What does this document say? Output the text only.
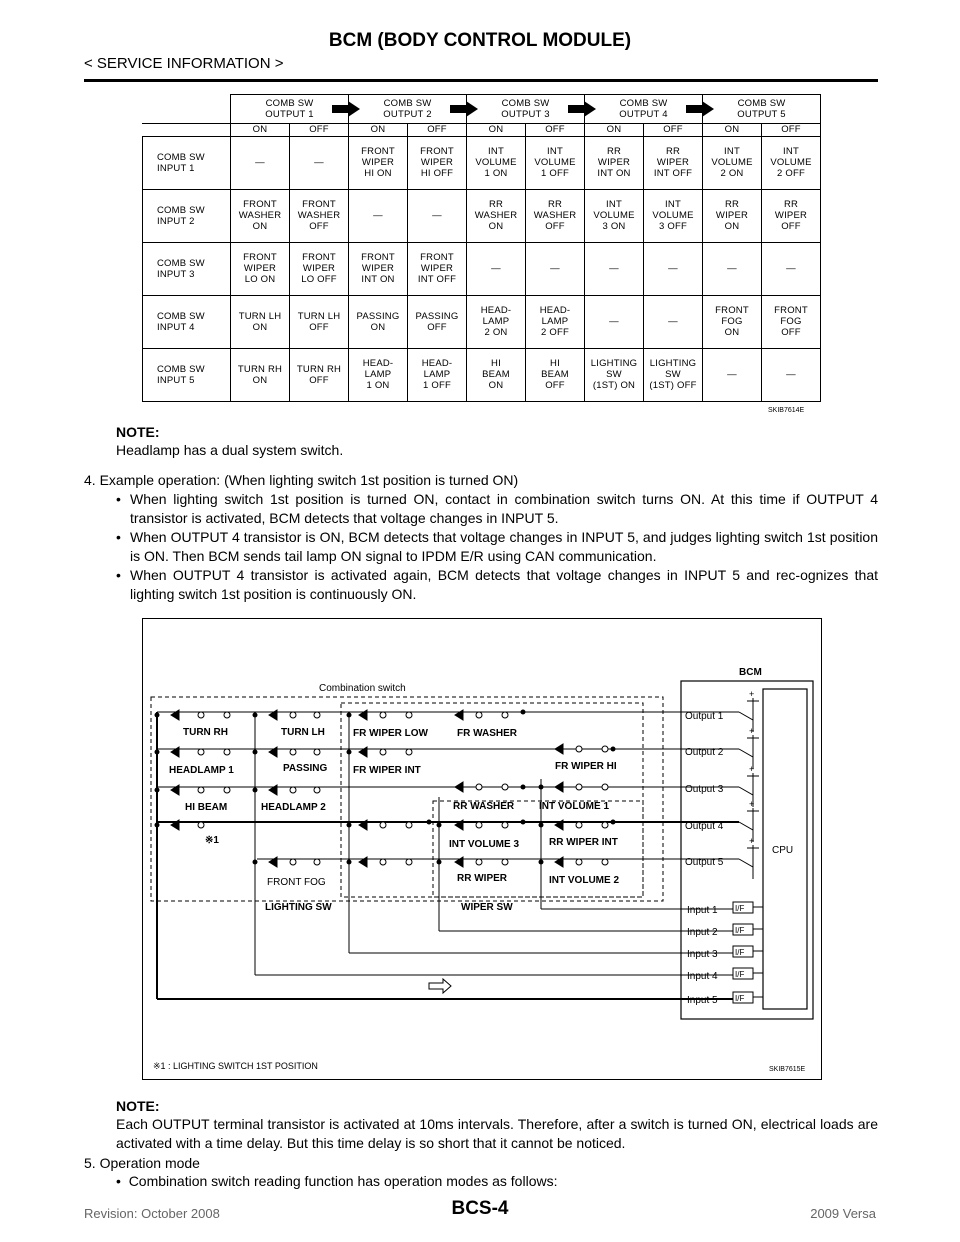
BCM (BODY CONTROL MODULE)
< SERVICE INFORMATION >
	COMB SW
OUTPUT 1		COMB SW
OUTPUT 2		COMB SW
OUTPUT 3		COMB SW
OUTPUT 4		COMB SW
OUTPUT 5	
	ON	OFF	ON	OFF	ON	OFF	ON	OFF	ON	OFF
COMB SW
INPUT 1	—	—	FRONT
WIPER
HI ON	FRONT
WIPER
HI OFF	INT
VOLUME
1 ON	INT
VOLUME
1 OFF	RR
WIPER
INT ON	RR
WIPER
INT OFF	INT
VOLUME
2 ON	INT
VOLUME
2 OFF
COMB SW
INPUT 2	FRONT
WASHER
ON	FRONT
WASHER
OFF	—	—	RR
WASHER
ON	RR
WASHER
OFF	INT
VOLUME
3 ON	INT
VOLUME
3 OFF	RR
WIPER
ON	RR
WIPER
OFF
COMB SW
INPUT 3	FRONT
WIPER
LO ON	FRONT
WIPER
LO OFF	FRONT
WIPER
INT ON	FRONT
WIPER
INT OFF	—	—	—	—	—	—
COMB SW
INPUT 4	TURN LH
ON	TURN LH
OFF	PASSING
ON	PASSING
OFF	HEAD-
LAMP
2 ON	HEAD-
LAMP
2 OFF	—	—	FRONT
FOG
ON	FRONT
FOG
OFF
COMB SW
INPUT 5	TURN RH
ON	TURN RH
OFF	HEAD-
LAMP
1 ON	HEAD-
LAMP
1 OFF	HI
BEAM
ON	HI
BEAM
OFF	LIGHTING
SW
(1ST) ON	LIGHTING
SW
(1ST) OFF	—	—
SKIB7614E
NOTE:
Headlamp has a dual system switch.
4. Example operation: (When lighting switch 1st position is turned ON)
• When lighting switch 1st position is turned ON, contact in combination switch turns ON. At this time if OUTPUT 4 transistor is activated, BCM detects that voltage changes in INPUT 5.
• When OUTPUT 4 transistor is ON, BCM detects that voltage changes in INPUT 5, and judges lighting switch 1st position is ON. Then BCM sends tail lamp ON signal to IPDM E/R using CAN communication.
• When OUTPUT 4 transistor is activated again, BCM detects that voltage changes in INPUT 5 and rec-ognizes that lighting switch 1st position is continuously ON.
Combination switch
BCM
CPU
TURN RH	TURN LH	FR WIPER LOW	FR WASHER
HEADLAMP 1	PASSING	FR WIPER INT	FR WIPER HI
HI BEAM	HEADLAMP 2	RR WASHER INT VOLUME 1
※1	INT VOLUME 3	RR WIPER INT
RR WIPER	INT VOLUME 2
FRONT FOG
LIGHTING SW	WIPER SW
Output 1
Output 2
Output 3
Output 4
Output 5
+
+
+
+
+
Input 1
Input 2
Input 3
Input 4
Input 5
I/F
I/F
I/F
I/F
I/F
※1 : LIGHTING SWITCH 1ST POSITION	SKIB7615E
NOTE:
Each OUTPUT terminal transistor is activated at 10ms intervals. Therefore, after a switch is turned ON, electrical loads are activated with a time delay. But this time delay is so short that it cannot be noticed.
5. Operation mode
•  Combination switch reading function has operation modes as follows:
Revision: October 2008	BCS-4	2009 Versa
